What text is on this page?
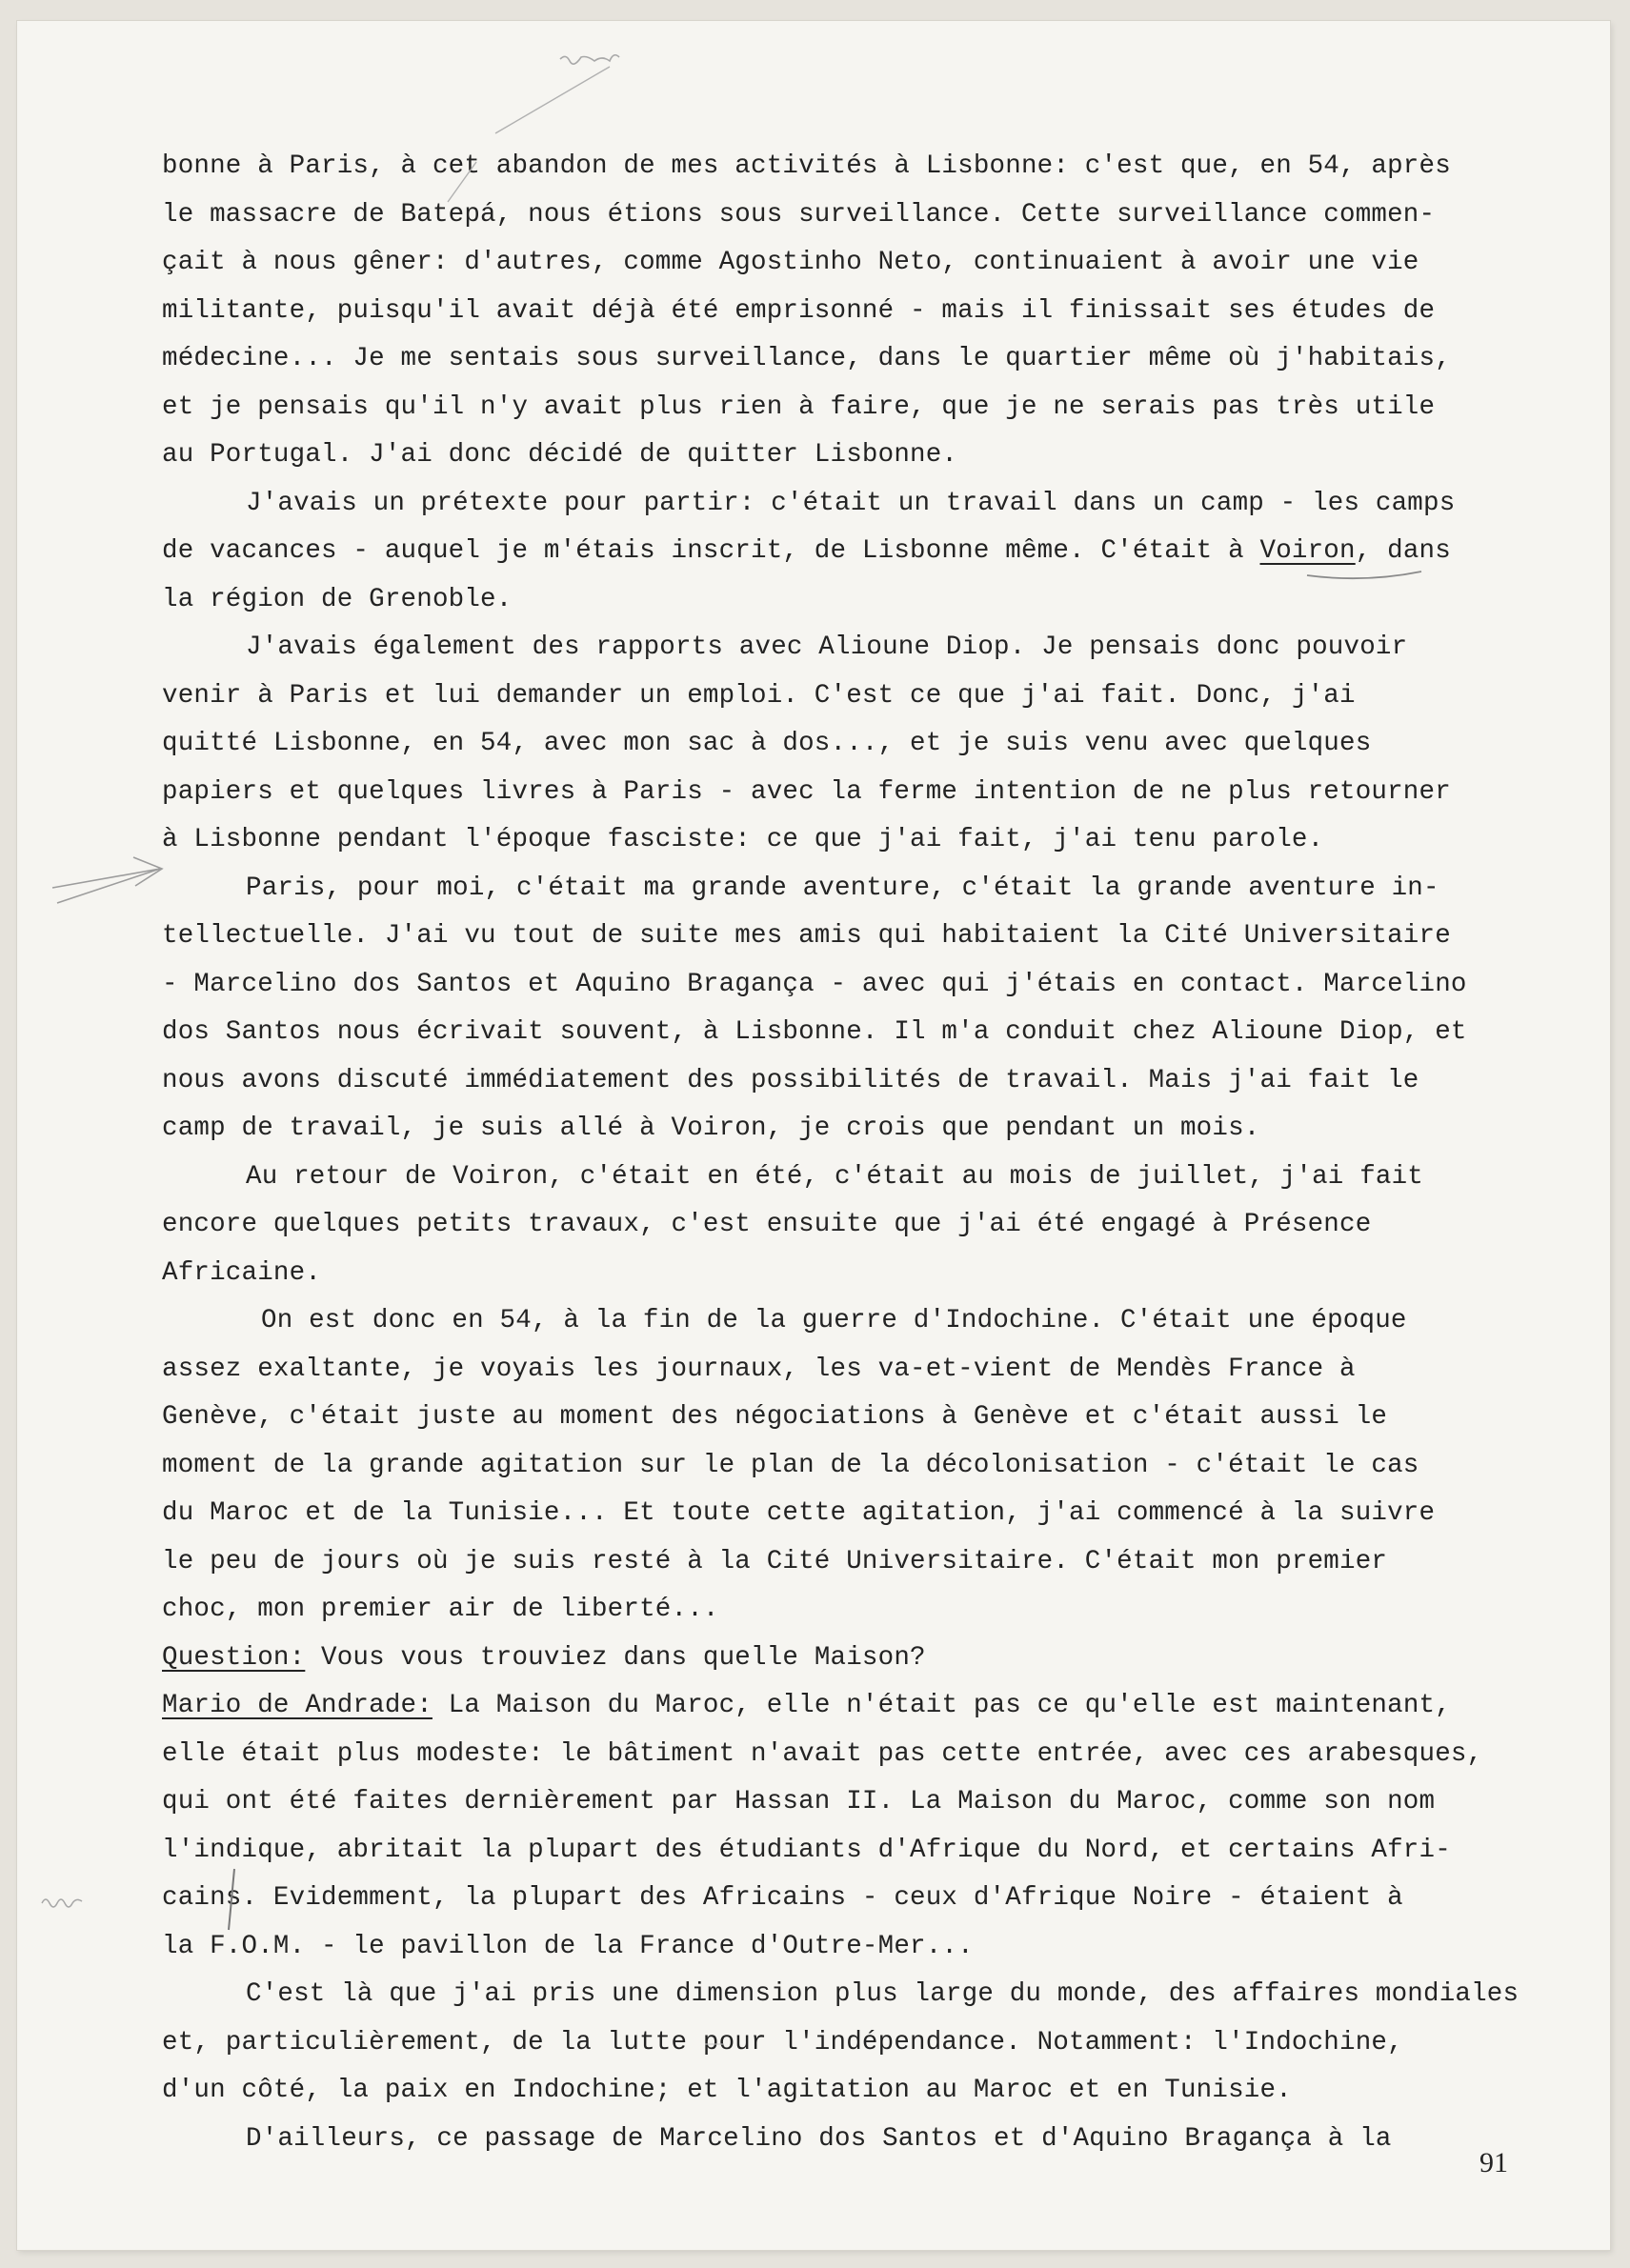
bonne à Paris, à cet abandon de mes activités à Lisbonne: c'est que, en 54, après
le massacre de Batepá, nous étions sous surveillance. Cette surveillance commen-
çait à nous gêner: d'autres, comme Agostinho Neto, continuaient à avoir une vie
militante, puisqu'il avait déjà été emprisonné - mais il finissait ses études de
médecine... Je me sentais sous surveillance, dans le quartier même où j'habitais,
et je pensais qu'il n'y avait plus rien à faire, que je ne serais pas très utile
au Portugal. J'ai donc décidé de quitter Lisbonne.
J'avais un prétexte pour partir: c'était un travail dans un camp - les camps
de vacances - auquel je m'étais inscrit, de Lisbonne même. C'était à Voiron, dans
la région de Grenoble.
J'avais également des rapports avec Alioune Diop. Je pensais donc pouvoir
venir à Paris et lui demander un emploi. C'est ce que j'ai fait. Donc, j'ai
quitté Lisbonne, en 54, avec mon sac à dos..., et je suis venu avec quelques
papiers et quelques livres à Paris - avec la ferme intention de ne plus retourner
à Lisbonne pendant l'époque fasciste: ce que j'ai fait, j'ai tenu parole.
Paris, pour moi, c'était ma grande aventure, c'était la grande aventure in-
tellectuelle. J'ai vu tout de suite mes amis qui habitaient la Cité Universitaire
- Marcelino dos Santos et Aquino Bragança - avec qui j'étais en contact. Marcelino
dos Santos nous écrivait souvent, à Lisbonne. Il m'a conduit chez Alioune Diop, et
nous avons discuté immédiatement des possibilités de travail. Mais j'ai fait le
camp de travail, je suis allé à Voiron, je crois que pendant un mois.
Au retour de Voiron, c'était en été, c'était au mois de juillet, j'ai fait
encore quelques petits travaux, c'est ensuite que j'ai été engagé à Présence
Africaine.
On est donc en 54, à la fin de la guerre d'Indochine. C'était une époque
assez exaltante, je voyais les journaux, les va-et-vient de Mendès France à
Genève, c'était juste au moment des négociations à Genève et c'était aussi le
moment de la grande agitation sur le plan de la décolonisation - c'était le cas
du Maroc et de la Tunisie... Et toute cette agitation, j'ai commencé à la suivre
le peu de jours où je suis resté à la Cité Universitaire. C'était mon premier
choc, mon premier air de liberté...
Question: Vous vous trouviez dans quelle Maison?
Mario de Andrade: La Maison du Maroc, elle n'était pas ce qu'elle est maintenant,
elle était plus modeste: le bâtiment n'avait pas cette entrée, avec ces arabesques,
qui ont été faites dernièrement par Hassan II. La Maison du Maroc, comme son nom
l'indique, abritait la plupart des étudiants d'Afrique du Nord, et certains Afri-
cains. Evidemment, la plupart des Africains - ceux d'Afrique Noire - étaient à
la F.O.M. - le pavillon de la France d'Outre-Mer...
C'est là que j'ai pris une dimension plus large du monde, des affaires mondiales
et, particulièrement, de la lutte pour l'indépendance. Notamment: l'Indochine,
d'un côté, la paix en Indochine; et l'agitation au Maroc et en Tunisie.
D'ailleurs, ce passage de Marcelino dos Santos et d'Aquino Bragança à la
91
